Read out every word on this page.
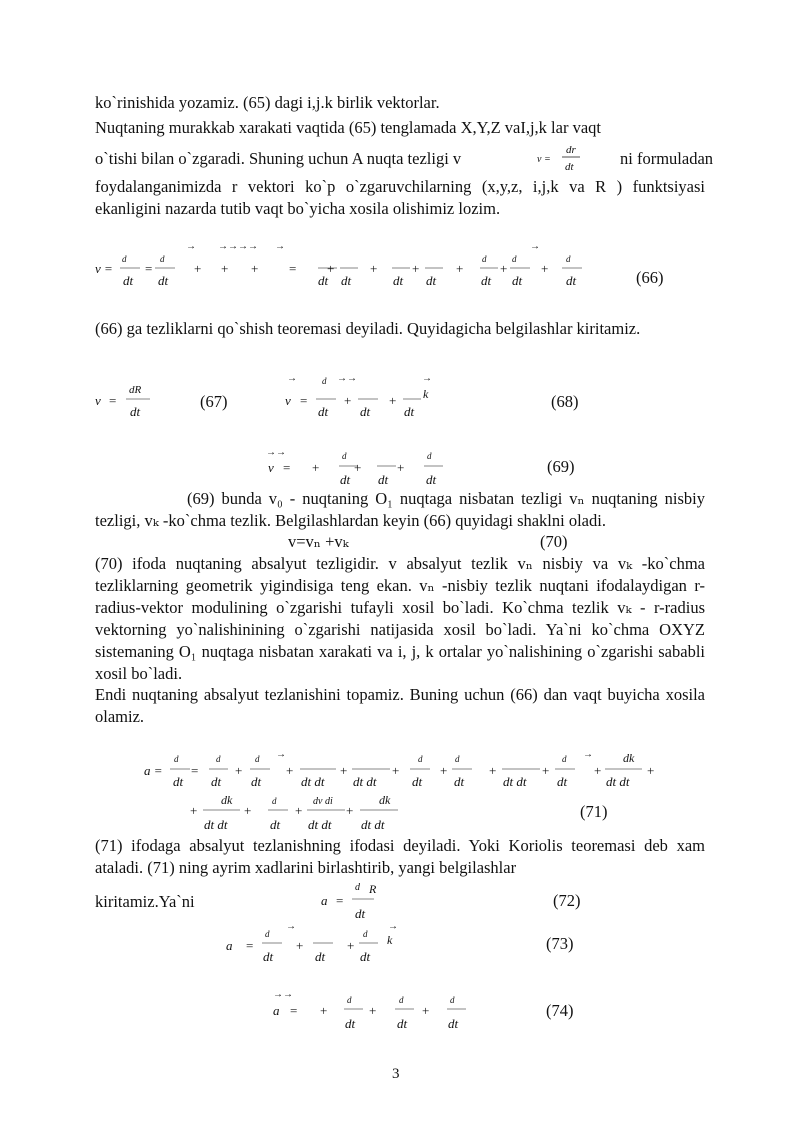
ko`rinishida yozamiz. (65) dagi i,j.k birlik vektorlar.
Nuqtaning murakkab xarakati vaqtida (65) tenglamada X,Y,Z vaI,j,k lar vaqt
o`tishi bilan o`zgaradi. Shuning uchun A nuqta tezligi v	ni formuladan
v =
dr
dt
foydalanganimizda r vektori ko`p o`zgaruvchilarning (x,y,z, i,j,k va R ) funktsiyasi ekanligini nazarda tutib vaqt bo`yicha xosila olishimiz lozim.
v =
d
dt
=
d
dt
→
+
→→→→
+ +
→
=
dt
+
dt
+
dt
+
dt
+
d
dt
+
d
→
dt
+
d
dt	(66)
(66) ga tezliklarni qo`shish teoremasi deyiladi. Quyidagicha belgilashlar kiritamiz.
v =
dR
dt
→
v =
d →→
dt
+
dt
+
→
dt
k
(67)	(68)
→→
v = +
d
dt
+
dt
+
d
dt
(69)
(69) bunda v₀ - nuqtaning O₁ nuqtaga nisbatan tezligi vₙ nuqtaning nisbiy tezligi, vₖ -ko`chma tezlik. Belgilashlardan keyin (66) quyidagi shaklni oladi.
v=vₙ +vₖ	(70)
(70) ifoda nuqtaning absalyut tezligidir. v absalyut tezlik vₙ nisbiy va vₖ -ko`chma tezliklarning geometrik yigindisiga teng ekan. vₙ -nisbiy tezlik nuqtani ifodalaydigan r-radius-vektor modulining o`zgarishi tufayli xosil bo`ladi. Ko`chma tezlik vₖ - r-radius vektorning yo`nalishinining o`zgarishi natijasida xosil bo`ladi. Ya`ni ko`chma OXYZ sistemaning O₁ nuqtaga nisbatan xarakati va i, j, k ortalar yo`nalishining o`zgarishi sababli xosil bo`ladi.
Endi nuqtaning absalyut tezlanishini topamiz. Buning uchun (66) dan vaqt buyicha xosila olamiz.
a =
d
dt
=
d
dt
+
d →
dt
+
dt dt
+
dt dt
+
d
dt
+
d
dt
+
dt dt
+
d →
dt
+
dk
dt dt
+
+
dk
dt dt
+
d
dt
+
dv di
dt dt
+
dk
dt dt
(71)
(71) ifodaga absalyut tezlanishning ifodasi deyiladi. Yoki Koriolis teoremasi deb xam ataladi. (71) ning ayrim xadlarini birlashtirib, yangi belgilashlar
kiritamiz.Ya`ni	a =
d R
dt
(72)
a =
d
→
dt
+
dt
+
d
→
dt
k	(73)
→→
a = +
d
dt
+
d
dt
+
d
dt
(74)
3
